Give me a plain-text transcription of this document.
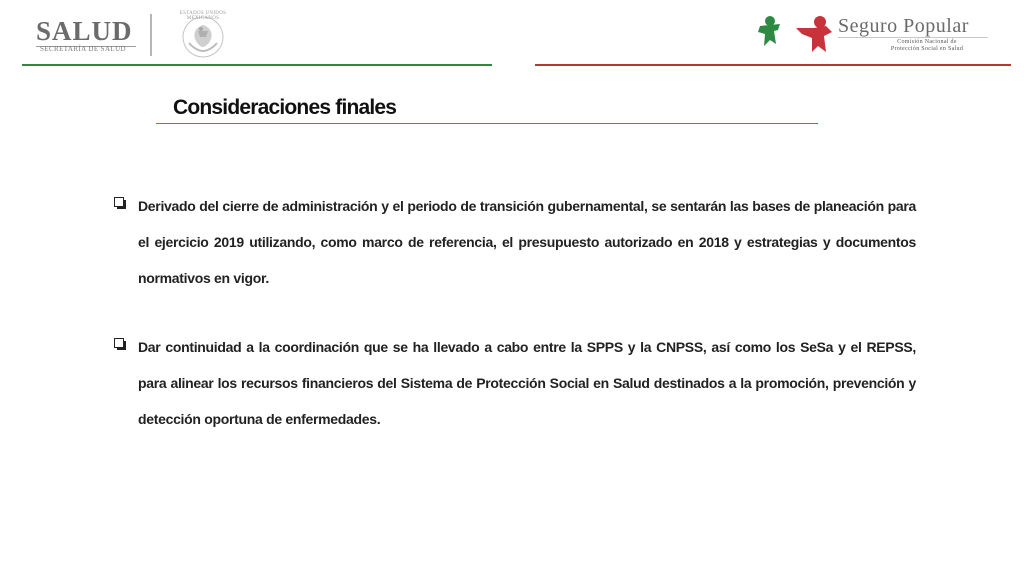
SALUD
SECRETARÍA DE SALUD
ESTADOS UNIDOS MEXICANOS	Seguro Popular
Comisión Nacional de
Protección Social en Salud
Consideraciones finales
Derivado del cierre de administración y el periodo de transición gubernamental, se sentarán las bases de planeación para el ejercicio 2019 utilizando, como marco de referencia, el presupuesto autorizado en 2018 y estrategias y documentos normativos en vigor.
Dar continuidad a la coordinación que se ha llevado a cabo entre la SPPS y la CNPSS, así como los SeSa y el REPSS, para alinear los recursos financieros del Sistema de Protección Social en Salud destinados a la promoción, prevención y detección oportuna de enfermedades.
